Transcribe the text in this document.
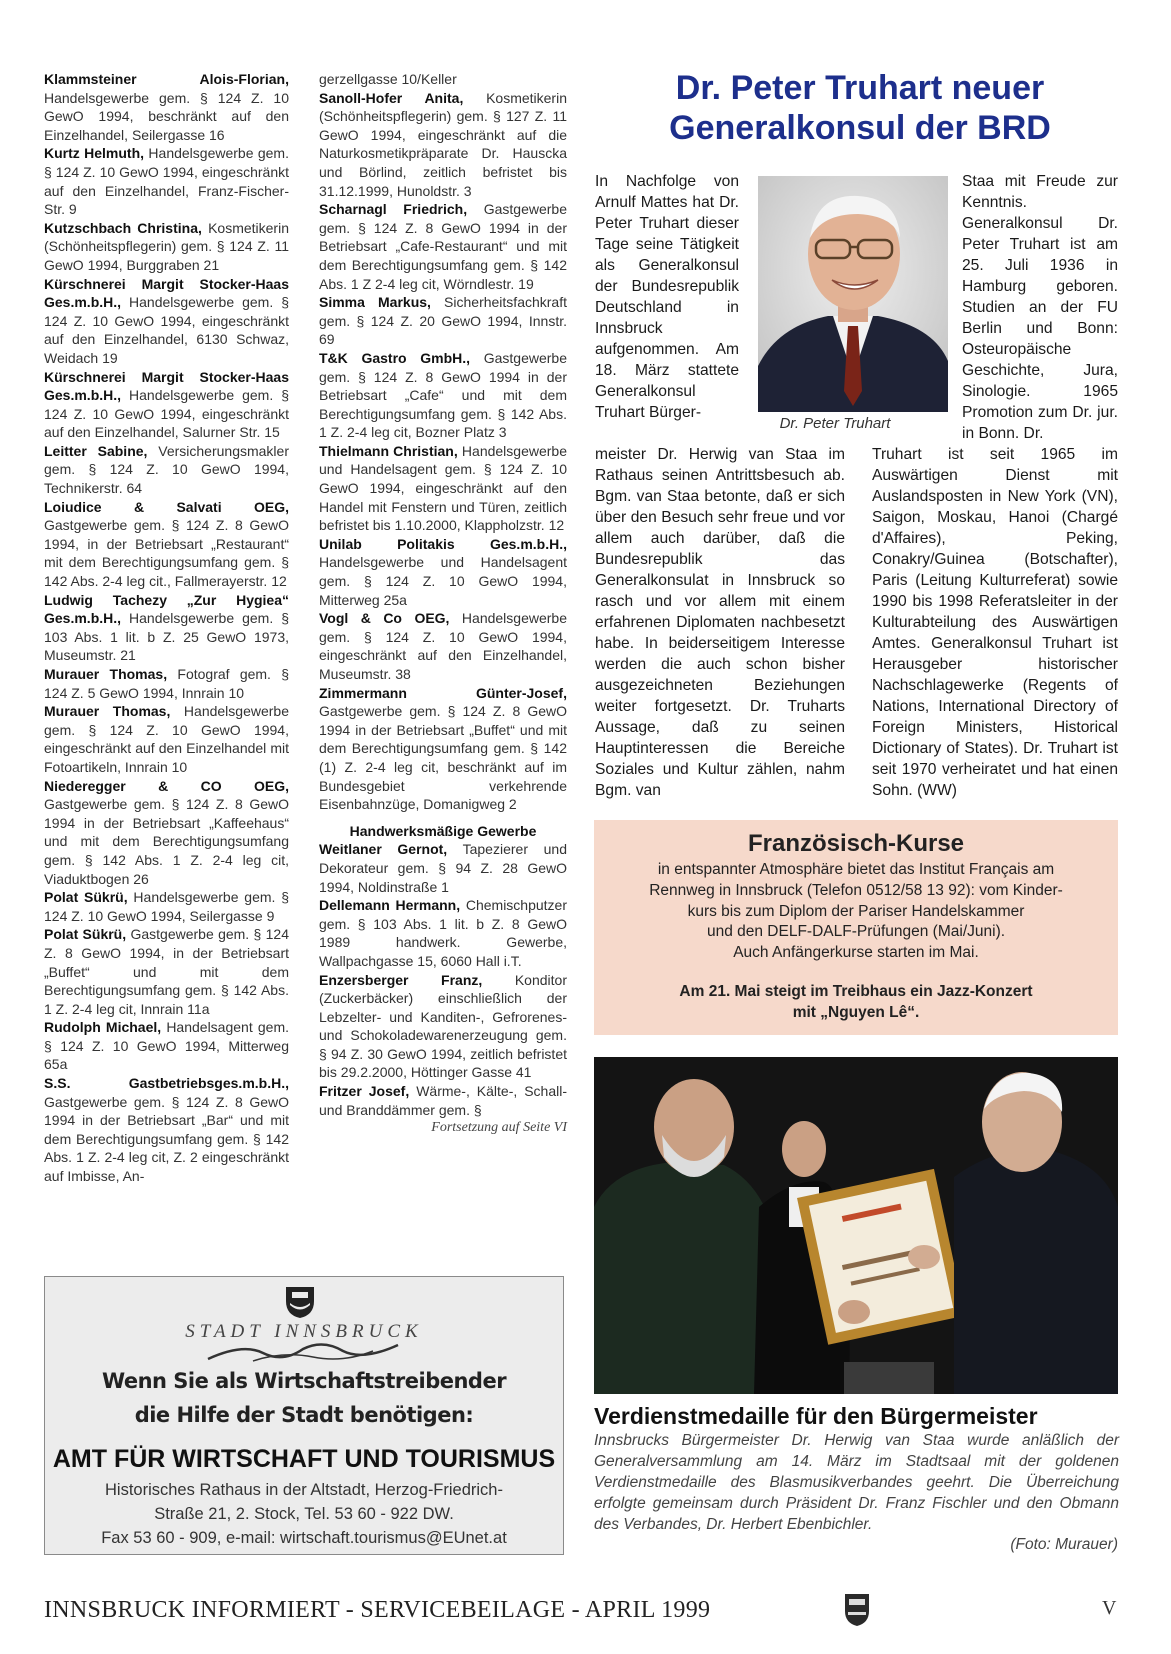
Klammsteiner Alois-Florian, Handelsgewerbe gem. § 124 Z. 10 GewO 1994, beschränkt auf den Einzelhandel, Seilergasse 16

Kurtz Helmuth, Handelsgewerbe gem. § 124 Z. 10 GewO 1994, eingeschränkt auf den Einzelhandel, Franz-Fischer-Str. 9

Kutzschbach Christina, Kosmetikerin (Schönheitspflegerin) gem. § 124 Z. 11 GewO 1994, Burggraben 21

Kürschnerei Margit Stocker-Haas Ges.m.b.H., Handelsgewerbe gem. § 124 Z. 10 GewO 1994, eingeschränkt auf den Einzelhandel, 6130 Schwaz, Weidach 19

Kürschnerei Margit Stocker-Haas Ges.m.b.H., Handelsgewerbe gem. § 124 Z. 10 GewO 1994, eingeschränkt auf den Einzelhandel, Salurner Str. 15

Leitter Sabine, Versicherungsmakler gem. § 124 Z. 10 GewO 1994, Technikerstr. 64

Loiudice & Salvati OEG, Gastgewerbe gem. § 124 Z. 8 GewO 1994, in der Betriebsart „Restaurant“ mit dem Berechtigungsumfang gem. § 142 Abs. 2-4 leg cit., Fallmerayerstr. 12

Ludwig Tachezy „Zur Hygiea“ Ges.m.b.H., Handelsgewerbe gem. § 103 Abs. 1 lit. b Z. 25 GewO 1973, Museumstr. 21

Murauer Thomas, Fotograf gem. § 124 Z. 5 GewO 1994, Innrain 10

Murauer Thomas, Handelsgewerbe gem. § 124 Z. 10 GewO 1994, eingeschränkt auf den Einzelhandel mit Fotoartikeln, Innrain 10

Niederegger & CO OEG, Gastgewerbe gem. § 124 Z. 8 GewO 1994 in der Betriebsart „Kaffeehaus“ und mit dem Berechtigungsumfang gem. § 142 Abs. 1 Z. 2-4 leg cit, Viaduktbogen 26

Polat Sükrü, Handelsgewerbe gem. § 124 Z. 10 GewO 1994, Seilergasse 9

Polat Sükrü, Gastgewerbe gem. § 124 Z. 8 GewO 1994, in der Betriebsart „Buffet“ und mit dem Berechtigungsumfang gem. § 142 Abs. 1 Z. 2-4 leg cit, Innrain 11a

Rudolph Michael, Handelsagent gem. § 124 Z. 10 GewO 1994, Mitterweg 65a

S.S. Gastbetriebsges.m.b.H., Gastgewerbe gem. § 124 Z. 8 GewO 1994 in der Betriebsart „Bar“ und mit dem Berechtigungsumfang gem. § 142 Abs. 1 Z. 2-4 leg cit, Z. 2 eingeschränkt auf Imbisse, An-

gerzellgasse 10/Keller

Sanoll-Hofer Anita, Kosmetikerin (Schönheitspflegerin) gem. § 127 Z. 11 GewO 1994, eingeschränkt auf die Naturkosmetikpräparate Dr. Hauscka und Börlind, zeitlich befristet bis 31.12.1999, Hunoldstr. 3

Scharnagl Friedrich, Gastgewerbe gem. § 124 Z. 8 GewO 1994 in der Betriebsart „Cafe-Restaurant“ und mit dem Berechtigungsumfang gem. § 142 Abs. 1 Z 2-4 leg cit, Wörndlestr. 19

Simma Markus, Sicherheitsfachkraft gem. § 124 Z. 20 GewO 1994, Innstr. 69

T&K Gastro GmbH., Gastgewerbe gem. § 124 Z. 8 GewO 1994 in der Betriebsart „Cafe“ und mit dem Berechtigungsumfang gem. § 142 Abs. 1 Z. 2-4 leg cit, Bozner Platz 3

Thielmann Christian, Handelsgewerbe und Handelsagent gem. § 124 Z. 10 GewO 1994, eingeschränkt auf den Handel mit Fenstern und Türen, zeitlich befristet bis 1.10.2000, Klappholzstr. 12

Unilab Politakis Ges.m.b.H., Handelsgewerbe und Handelsagent gem. § 124 Z. 10 GewO 1994, Mitterweg 25a

Vogl & Co OEG, Handelsgewerbe gem. § 124 Z. 10 GewO 1994, eingeschränkt auf den Einzelhandel, Museumstr. 38

Zimmermann Günter-Josef, Gastgewerbe gem. § 124 Z. 8 GewO 1994 in der Betriebsart „Buffet“ und mit dem Berechtigungsumfang gem. § 142 (1) Z. 2-4 leg cit, beschränkt auf im Bundesgebiet verkehrende Eisenbahnzüge, Domanigweg 2

Handwerksmäßige Gewerbe

Weitlaner Gernot, Tapezierer und Dekorateur gem. § 94 Z. 28 GewO 1994, Noldinstraße 1

Dellemann Hermann, Chemischputzer gem. § 103 Abs. 1 lit. b Z. 8 GewO 1989 handwerk. Gewerbe, Wallpachgasse 15, 6060 Hall i.T.

Enzersberger Franz, Konditor (Zuckerbäcker) einschließlich der Lebzelter- und Kanditen-, Gefrorenes- und Schokoladewarenerzeugung gem. § 94 Z. 30 GewO 1994, zeitlich befristet bis 29.2.2000, Höttinger Gasse 41

Fritzer Josef, Wärme-, Kälte-, Schall- und Branddämmer gem. §

Fortsetzung auf Seite VI

Dr. Peter Truhart neuer Generalkonsul der BRD

In Nachfolge von Arnulf Mattes hat Dr. Peter Truhart dieser Tage seine Tätigkeit als Generalkonsul der Bundesrepublik Deutschland in Innsbruck aufgenommen. Am 18. März stattete Generalkonsul Truhart Bürger-

Dr. Peter Truhart

Staa mit Freude zur Kenntnis. Generalkonsul Dr. Peter Truhart ist am 25. Juli 1936 in Hamburg geboren. Studien an der FU Berlin und Bonn: Osteuropäische Geschichte, Jura, Sinologie. 1965 Promotion zum Dr. jur. in Bonn. Dr.

meister Dr. Herwig van Staa im Rathaus seinen Antrittsbesuch ab. Bgm. van Staa betonte, daß er sich über den Besuch sehr freue und vor allem auch darüber, daß die Bundesrepublik das Generalkonsulat in Innsbruck so rasch und vor allem mit einem erfahrenen Diplomaten nachbesetzt habe. In beiderseitigem Interesse werden die auch schon bisher ausgezeichneten Beziehungen weiter fortgesetzt. Dr. Truharts Aussage, daß zu seinen Hauptinteressen die Bereiche Soziales und Kultur zählen, nahm Bgm. van

Truhart ist seit 1965 im Auswärtigen Dienst mit Auslandsposten in New York (VN), Saigon, Moskau, Hanoi (Chargé d'Affaires), Peking, Conakry/Guinea (Botschafter), Paris (Leitung Kulturreferat) sowie 1990 bis 1998 Referatsleiter in der Kulturabteilung des Auswärtigen Amtes. Generalkonsul Truhart ist Herausgeber historischer Nachschlagewerke (Regents of Nations, International Directory of Foreign Ministers, Historical Dictionary of States). Dr. Truhart ist seit 1970 verheiratet und hat einen Sohn. (WW)

Französisch-Kurse

in entspannter Atmosphäre bietet das Institut Français am

Rennweg in Innsbruck (Telefon 0512/58 13 92): vom Kinder-

kurs bis zum Diplom der Pariser Handelskammer

und den DELF-DALF-Prüfungen (Mai/Juni).

Auch Anfängerkurse starten im Mai.

Am 21. Mai steigt im Treibhaus ein Jazz-Konzert

mit „Nguyen Lê“.

Verdienstmedaille für den Bürgermeister

Innsbrucks Bürgermeister Dr. Herwig van Staa wurde anläßlich der Generalversammlung am 14. März im Stadtsaal mit der goldenen Verdienstmedaille des Blasmusikverbandes geehrt. Die Überreichung erfolgte gemeinsam durch Präsident Dr. Franz Fischler und den Obmann des Verbandes, Dr. Herbert Ebenbichler.

(Foto: Murauer)

STADT INNSBRUCK
Wenn Sie als Wirtschaftstreibender
die Hilfe der Stadt benötigen:
AMT FÜR WIRTSCHAFT UND TOURISMUS
Historisches Rathaus in der Altstadt, Herzog-Friedrich-
Straße 21, 2. Stock, Tel. 53 60 - 922 DW.
Fax 53 60 - 909, e-mail: wirtschaft.tourismus@EUnet.at
INNSBRUCK INFORMIERT - SERVICEBEILAGE - APRIL 1999	V
